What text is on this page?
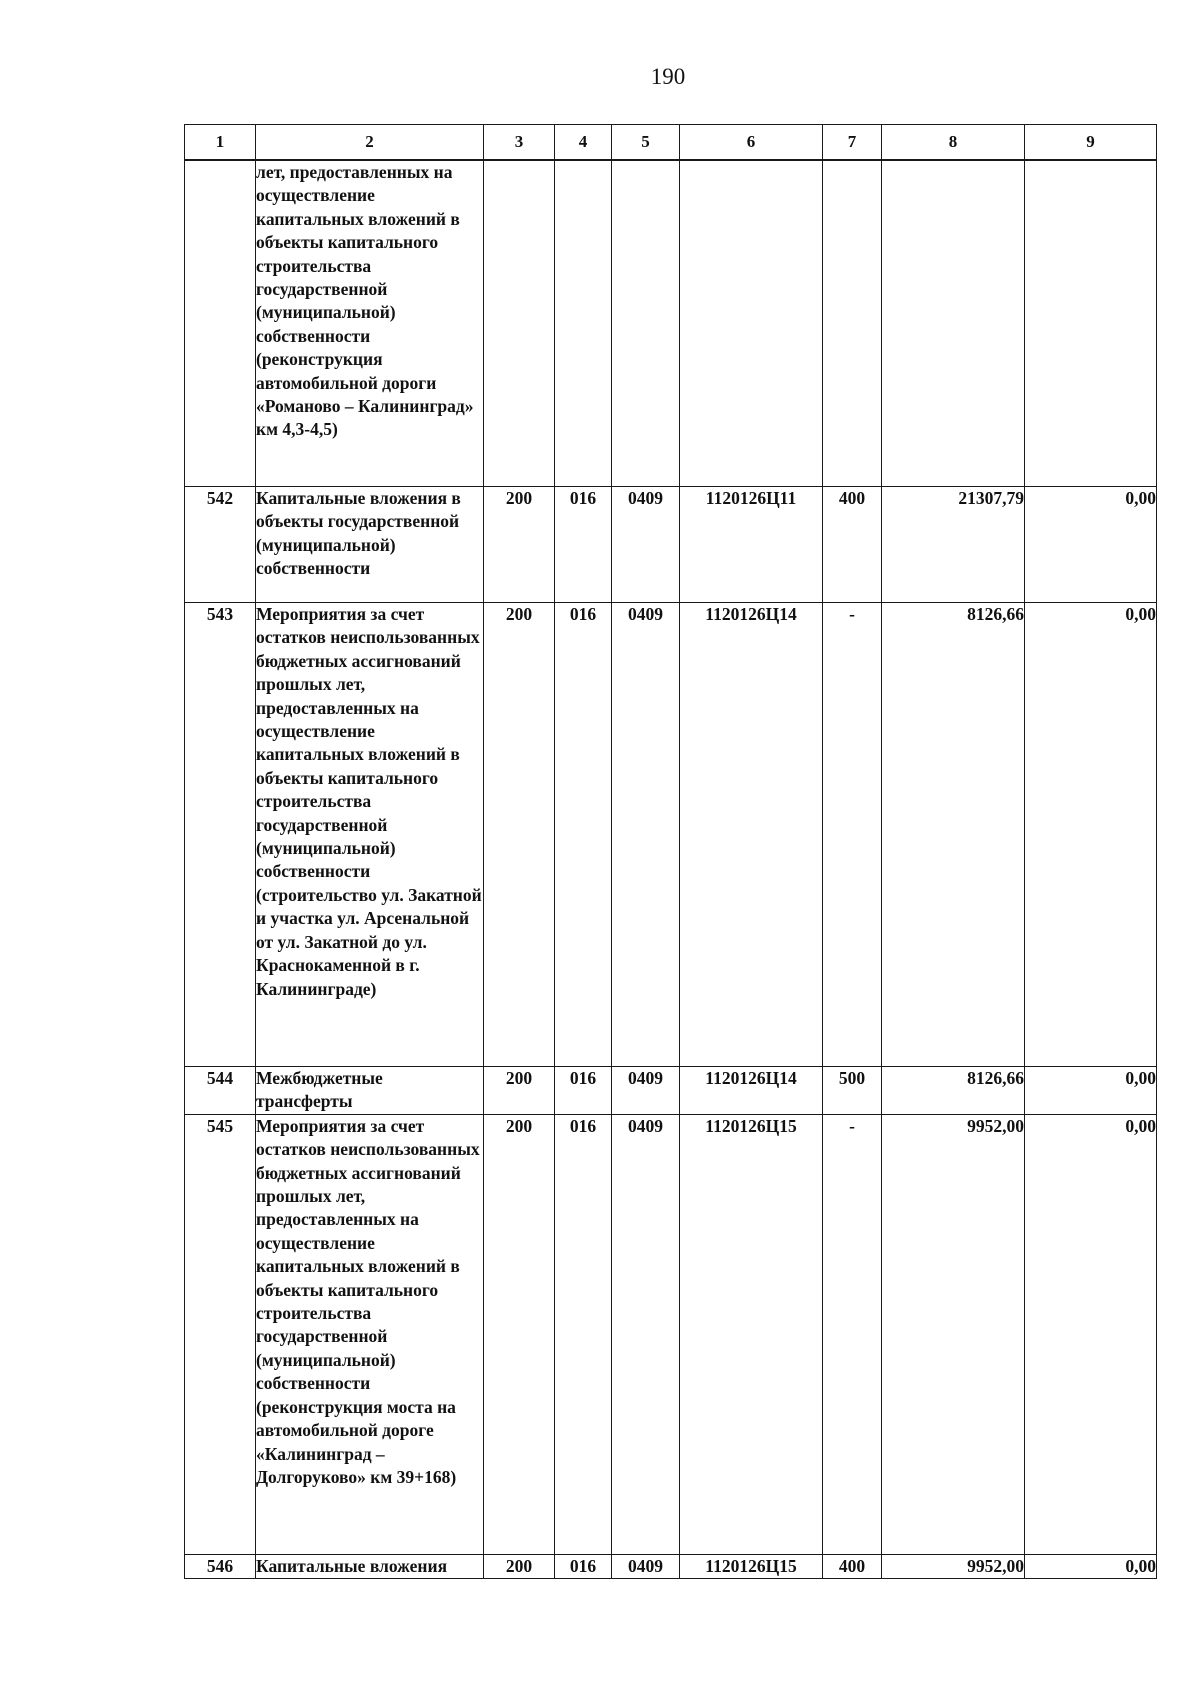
190
1	2	3	4	5	6	7	8	9
	лет, предоставленных на осуществление капитальных вложений в объекты капитального строительства государственной (муниципальной) собственности (реконструкция автомобильной дороги «Романово – Калининград» км 4,3-4,5)							
542	Капитальные вложения в объекты государственной (муниципальной) собственности	200	016	0409	1120126Ц11	400	21307,79	0,00
543	Мероприятия за счет остатков неиспользованных бюджетных ассигнований прошлых лет, предоставленных на осуществление капитальных вложений в объекты капитального строительства государственной (муниципальной) собственности (строительство ул. Закатной и участка ул. Арсенальной от ул. Закатной до ул. Краснокаменной в г. Калининграде)	200	016	0409	1120126Ц14	-	8126,66	0,00
544	Межбюджетные трансферты	200	016	0409	1120126Ц14	500	8126,66	0,00
545	Мероприятия за счет остатков неиспользованных бюджетных ассигнований прошлых лет, предоставленных на осуществление капитальных вложений в объекты капитального строительства государственной (муниципальной) собственности (реконструкция моста на автомобильной дороге «Калининград – Долгоруково» км 39+168)	200	016	0409	1120126Ц15	-	9952,00	0,00
546	Капитальные вложения	200	016	0409	1120126Ц15	400	9952,00	0,00
